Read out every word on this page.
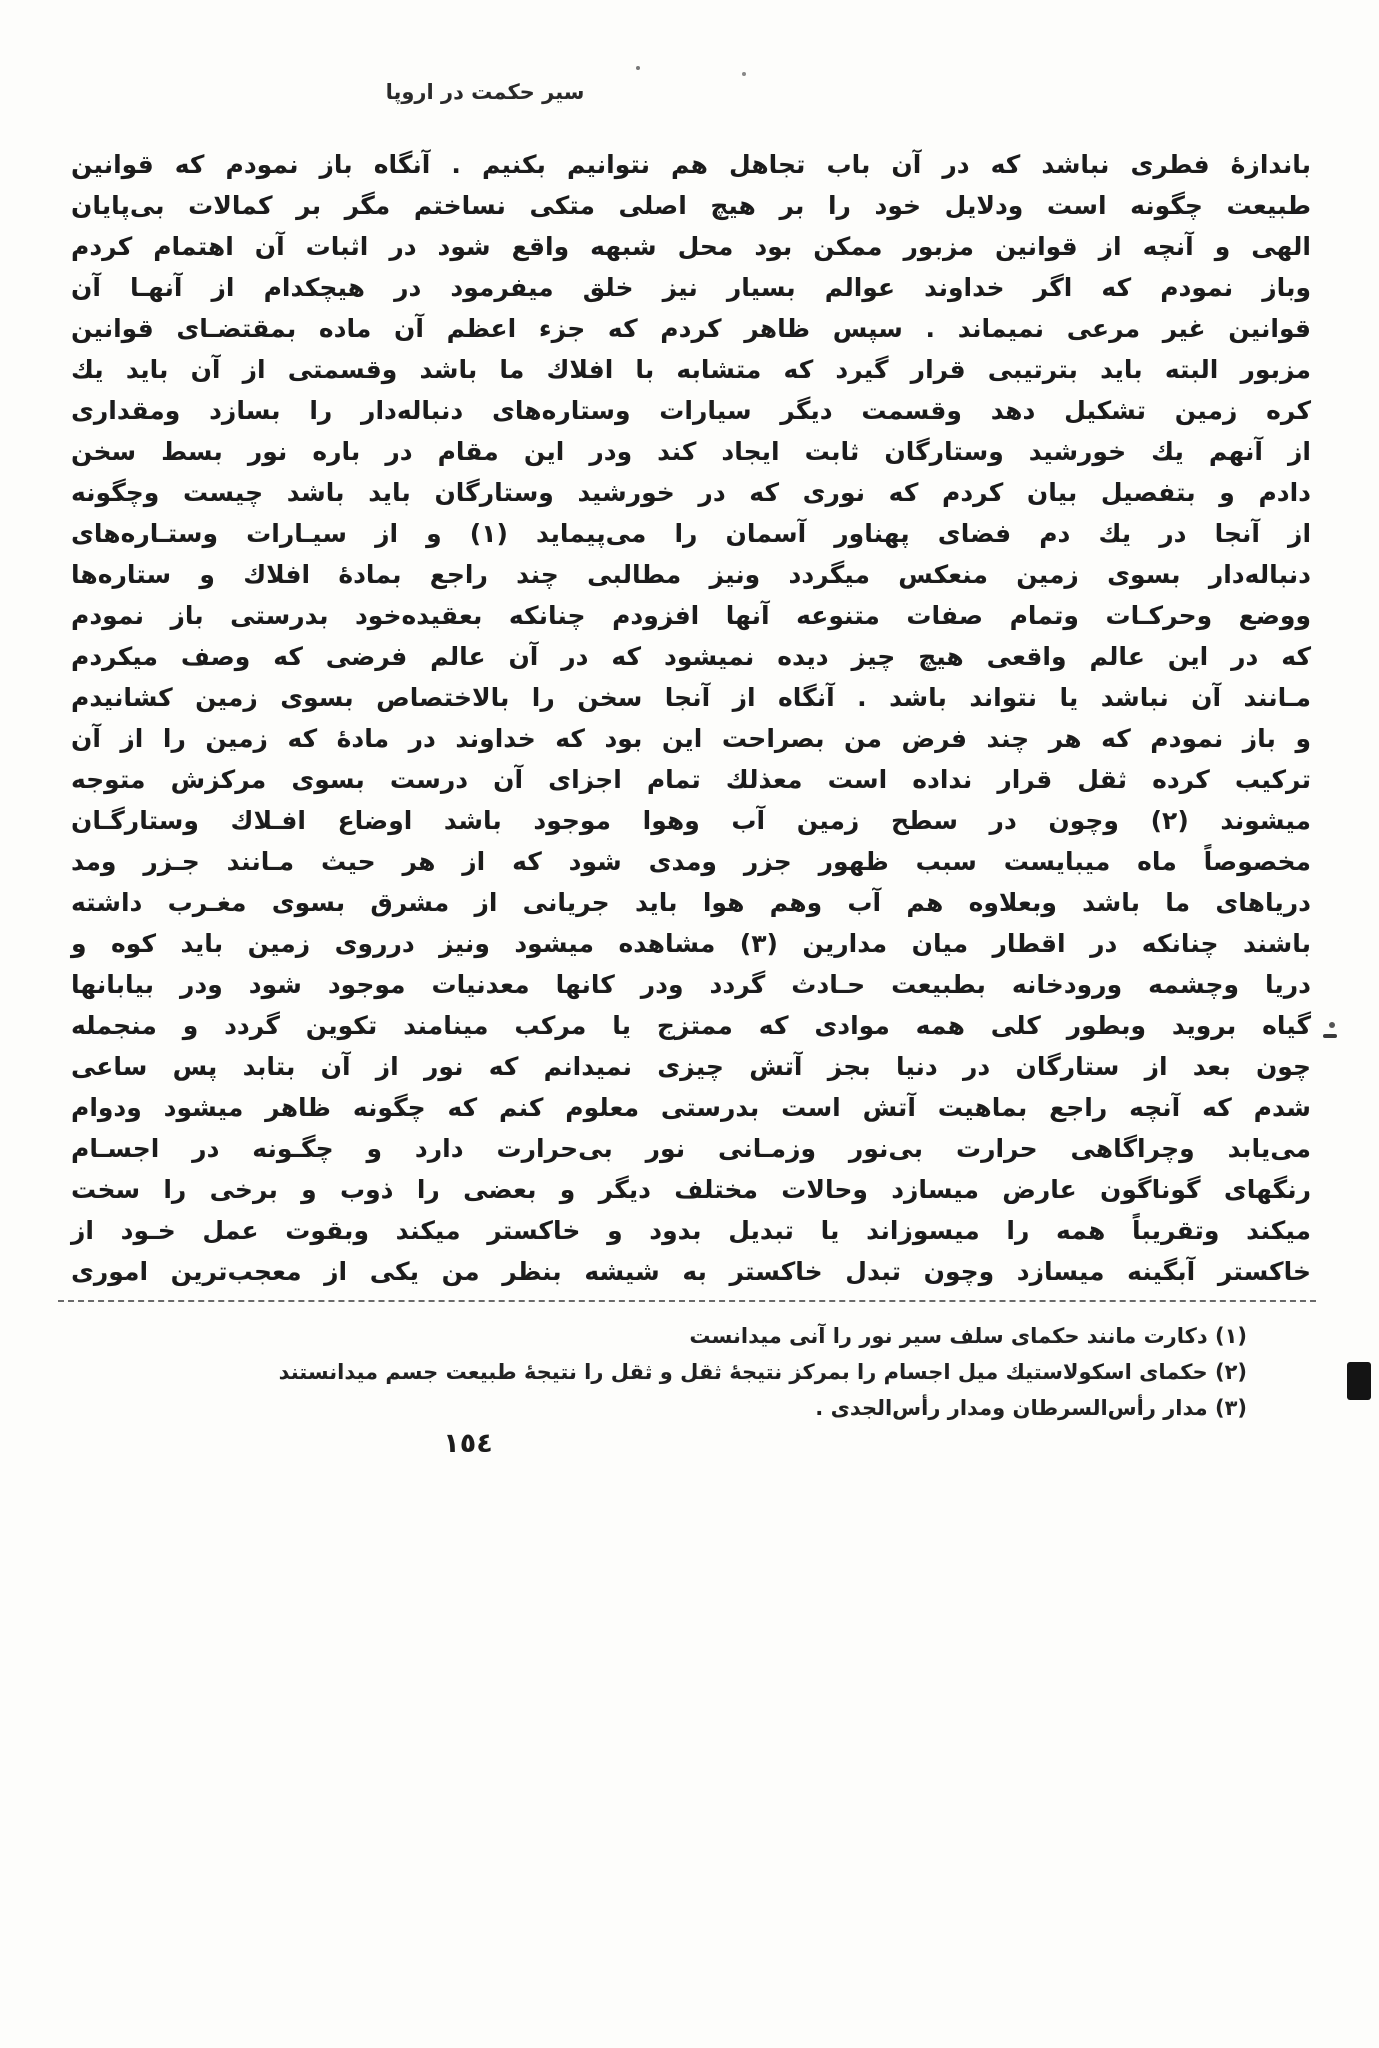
سیر حکمت در اروپا
باندازهٔ فطری نباشد که در آن باب تجاهل هم نتوانیم بکنیم . آنگاه باز نمودم که قوانین
طبیعت چگونه است ودلایل خود را بر هیچ اصلی متکی نساختم مگر بر کمالات بی‌پایان
الهی و آنچه از قوانین مزبور ممکن بود محل شبهه واقع شود در اثبات آن اهتمام کردم
وباز نمودم که اگر خداوند عوالم بسیار نیز خلق میفرمود در هیچکدام از آنهـا آن
قوانین غیر مرعی نمیماند . سپس ظاهر کردم که جزء اعظم آن ماده بمقتضـای قوانین
مزبور البته باید بترتیبی قرار گیرد که متشابه با افلاك ما باشد وقسمتی از آن باید یك
کره زمین تشکیل دهد وقسمت دیگر سیارات وستاره‌های دنباله‌دار را بسازد ومقداری
از آنهم یك خورشید وستارگان ثابت ایجاد کند ودر این مقام در باره نور بسط سخن
دادم و بتفصیل بیان کردم که نوری که در خورشید وستارگان باید باشد چیست وچگونه
از آنجا در یك دم فضای پهناور آسمان را می‌پیماید (۱) و از سیـارات وستـاره‌های
دنباله‌دار بسوی زمین منعکس میگردد ونیز مطالبی چند راجع بمادهٔ افلاك و ستاره‌ها
ووضع وحرکـات وتمام صفات متنوعه آنها افزودم چنانکه بعقیده‌خود بدرستی باز نمودم
که در این عالم واقعی هیچ چیز دیده نمیشود که در آن عالم فرضی که وصف میکردم
مـانند آن نباشد یا نتواند باشد . آنگاه از آنجا سخن را بالاختصاص بسوی زمین کشانیدم
و باز نمودم که هر چند فرض من بصراحت این بود که خداوند در مادهٔ که زمین را از آن
ترکیب کرده ثقل قرار نداده است معذلك تمام اجزای آن درست بسوی مرکزش متوجه
میشوند (۲) وچون در سطح زمین آب وهوا موجود باشد اوضاع افـلاك وستارگـان
مخصوصاً ماه میبایست سبب ظهور جزر ومدی شود که از هر حیث مـانند جـزر ومد
دریاهای ما باشد وبعلاوه هم آب وهم هوا باید جریانی از مشرق بسوی مغـرب داشته
باشند چنانکه در اقطار میان مدارین (۳) مشاهده میشود ونیز درروی زمین باید کوه و
دریا وچشمه ورودخانه بطبیعت حـادث گردد ودر کانها معدنیات موجود شود ودر بیابانها
گیاه بروید وبطور کلی همه موادی که ممتزج یا مرکب مینامند تکوین گردد و منجمله
چون بعد از ستارگان در دنیا بجز آتش چیزی نمیدانم که نور از آن بتابد پس ساعی
شدم که آنچه راجع بماهیت آتش است بدرستی معلوم کنم که چگونه ظاهر میشود ودوام
می‌یابد وچراگاهی حرارت بی‌نور وزمـانی نور بی‌حرارت دارد و چگـونه در اجسـام
رنگهای گوناگون عارض میسازد وحالات مختلف دیگر و بعضی را ذوب و برخی را سخت
میکند وتقریباً همه را میسوزاند یا تبدیل بدود و خاکستر میکند وبقوت عمل خـود از
خاکستر آبگینه میسازد وچون تبدل خاکستر به شیشه بنظر من یکی از معجب‌ترین اموری
(۱) دکارت مانند حکمای سلف سیر نور را آنی میدانست
(۲) حکمای اسکولاستیك میل اجسام را بمرکز نتیجهٔ ثقل و ثقل را نتیجهٔ طبیعت جسم میدانستند
(۳) مدار رأس‌السرطان ومدار رأس‌الجدی .
١٥٤
